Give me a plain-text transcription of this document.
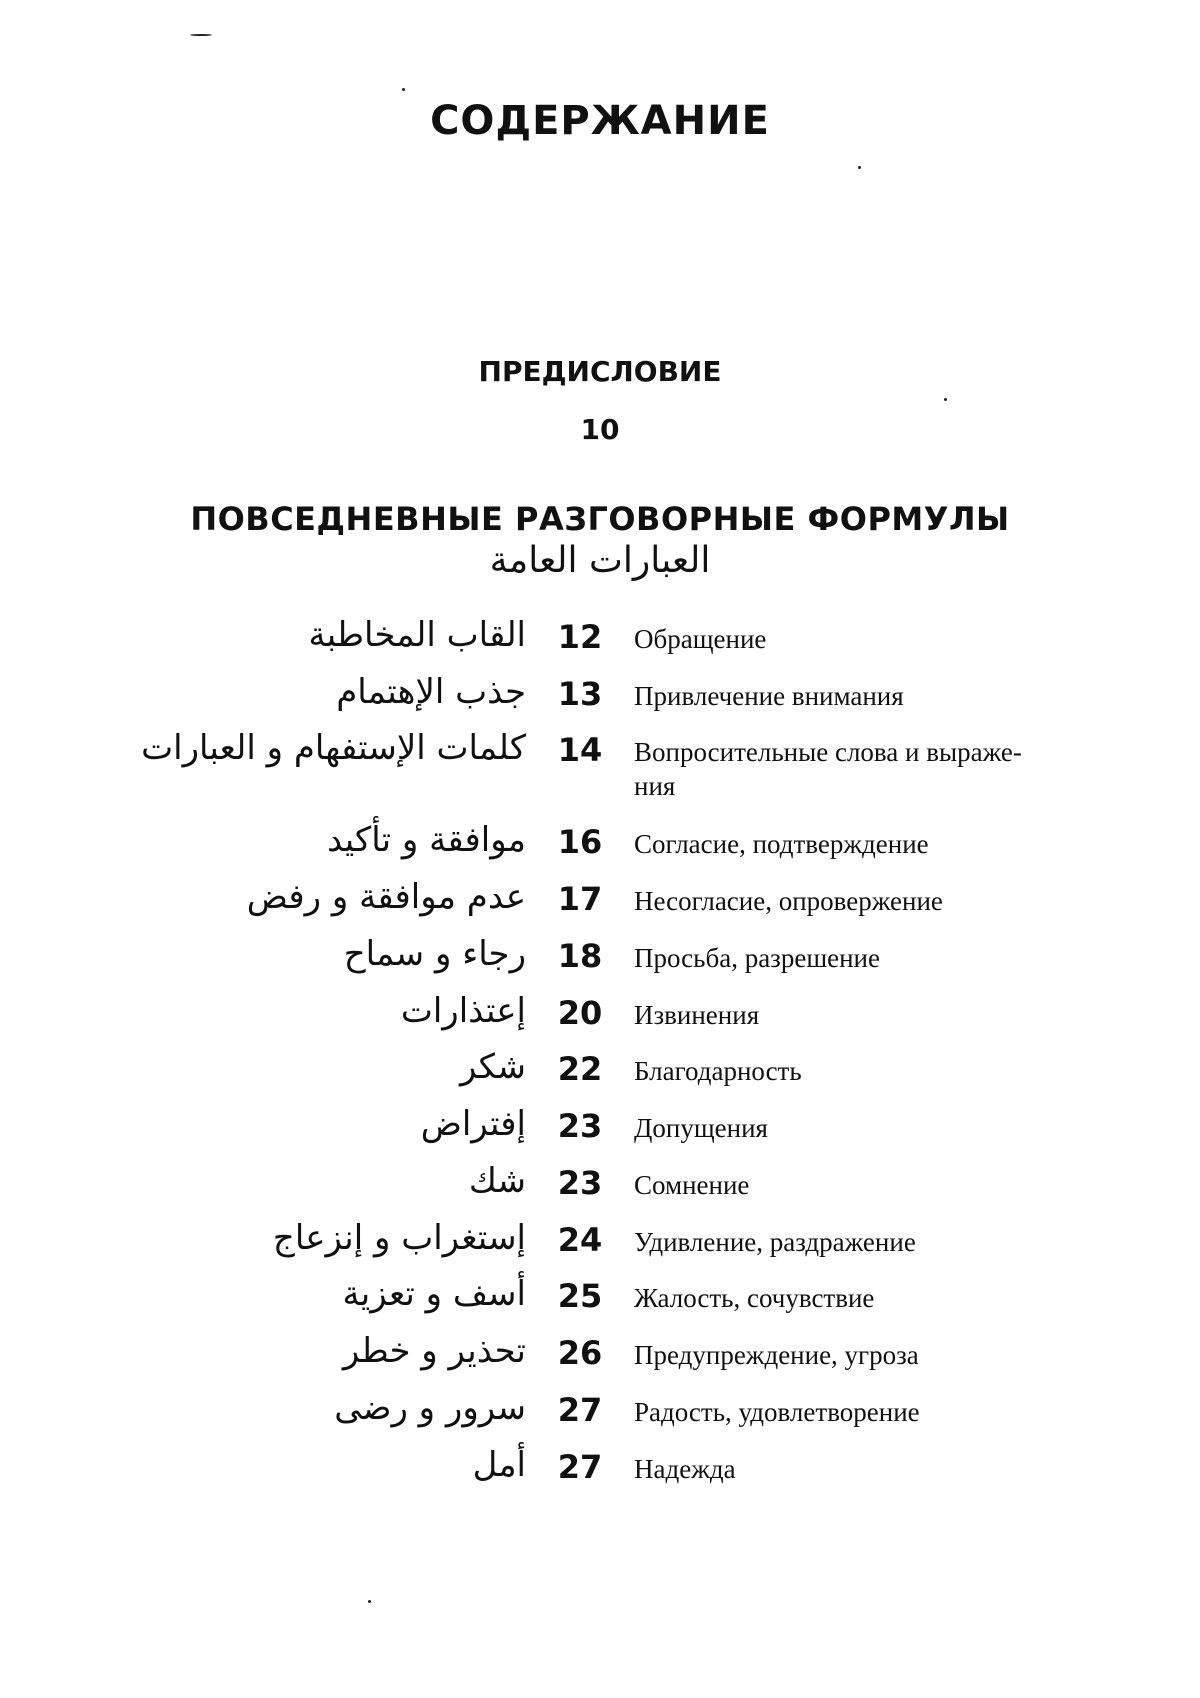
СОДЕРЖАНИЕ
ПРЕДИСЛОВИЕ
10
ПОВСЕДНЕВНЫЕ РАЗГОВОРНЫЕ ФОРМУЛЫ
العبارات العامة
القاب المخاطبة 12 Обращение
جذب الإهتمام 13 Привлечение внимания
كلمات الإستفهام و العبارات 14 Вопросительные слова и выраже-
ния
موافقة و تأكيد 16 Согласие, подтверждение
عدم موافقة و رفض 17 Несогласие, опровержение
رجاء و سماح 18 Просьба, разрешение
إعتذارات 20 Извинения
شكر 22 Благодарность
إفتراض 23 Допущения
شك 23 Сомнение
إستغراب و إنزعاج 24 Удивление, раздражение
أسف و تعزية 25 Жалость, сочувствие
تحذير و خطر 26 Предупреждение, угроза
سرور و رضى 27 Радость, удовлетворение
أمل 27 Надежда
